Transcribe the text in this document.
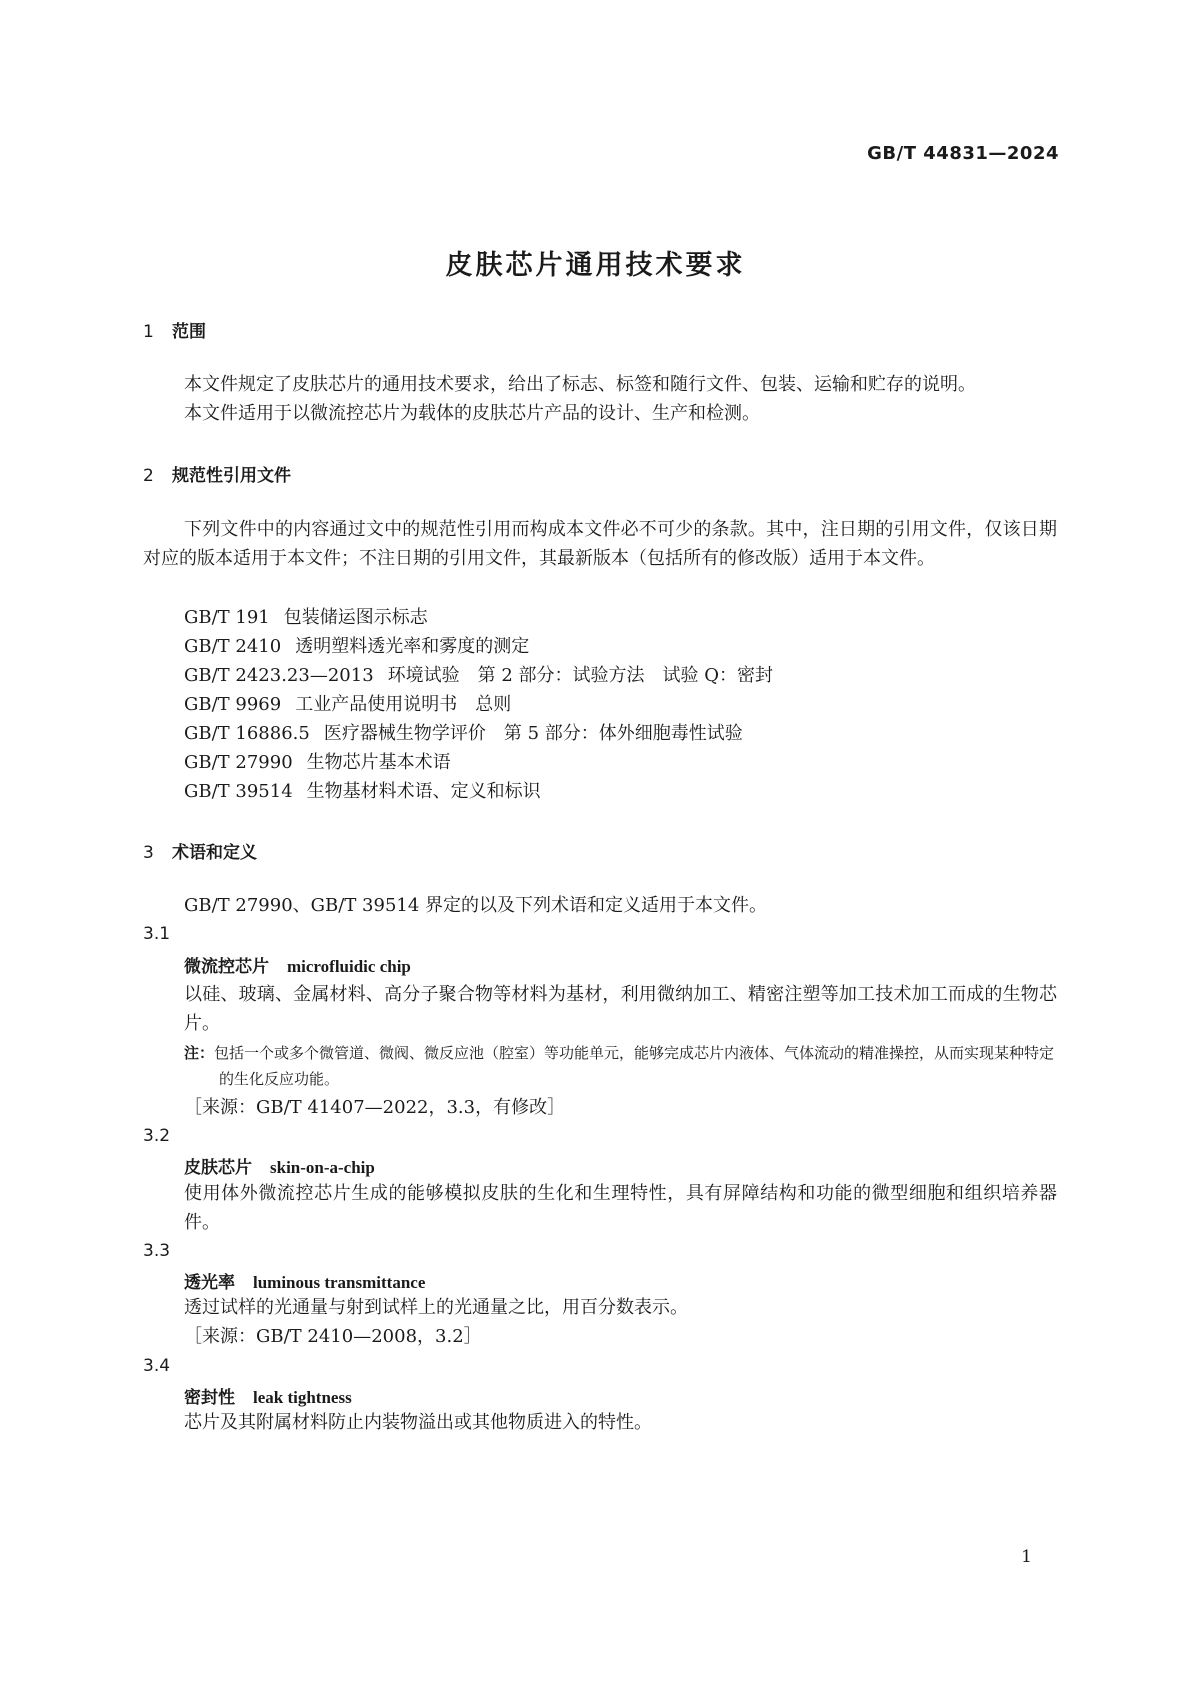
GB/T 44831—2024
皮肤芯片通用技术要求
1 范围
本文件规定了皮肤芯片的通用技术要求，给出了标志、标签和随行文件、包装、运输和贮存的说明。
本文件适用于以微流控芯片为载体的皮肤芯片产品的设计、生产和检测。
2 规范性引用文件
下列文件中的内容通过文中的规范性引用而构成本文件必不可少的条款。其中，注日期的引用文件，仅该日期对应的版本适用于本文件；不注日期的引用文件，其最新版本（包括所有的修改版）适用于本文件。
GB/T 191 包装储运图示标志
GB/T 2410 透明塑料透光率和雾度的测定
GB/T 2423.23—2013 环境试验　第 2 部分：试验方法　试验 Q：密封
GB/T 9969 工业产品使用说明书　总则
GB/T 16886.5 医疗器械生物学评价　第 5 部分：体外细胞毒性试验
GB/T 27990 生物芯片基本术语
GB/T 39514 生物基材料术语、定义和标识
3 术语和定义
GB/T 27990、GB/T 39514 界定的以及下列术语和定义适用于本文件。
3.1
微流控芯片 microfluidic chip
以硅、玻璃、金属材料、高分子聚合物等材料为基材，利用微纳加工、精密注塑等加工技术加工而成的生物芯片。
注：包括一个或多个微管道、微阀、微反应池（腔室）等功能单元，能够完成芯片内液体、气体流动的精准操控，从而实现某种特定的生化反应功能。
［来源：GB/T 41407—2022，3.3，有修改］
3.2
皮肤芯片 skin-on-a-chip
使用体外微流控芯片生成的能够模拟皮肤的生化和生理特性，具有屏障结构和功能的微型细胞和组织培养器件。
3.3
透光率 luminous transmittance
透过试样的光通量与射到试样上的光通量之比，用百分数表示。
［来源：GB/T 2410—2008，3.2］
3.4
密封性 leak tightness
芯片及其附属材料防止内装物溢出或其他物质进入的特性。
1
